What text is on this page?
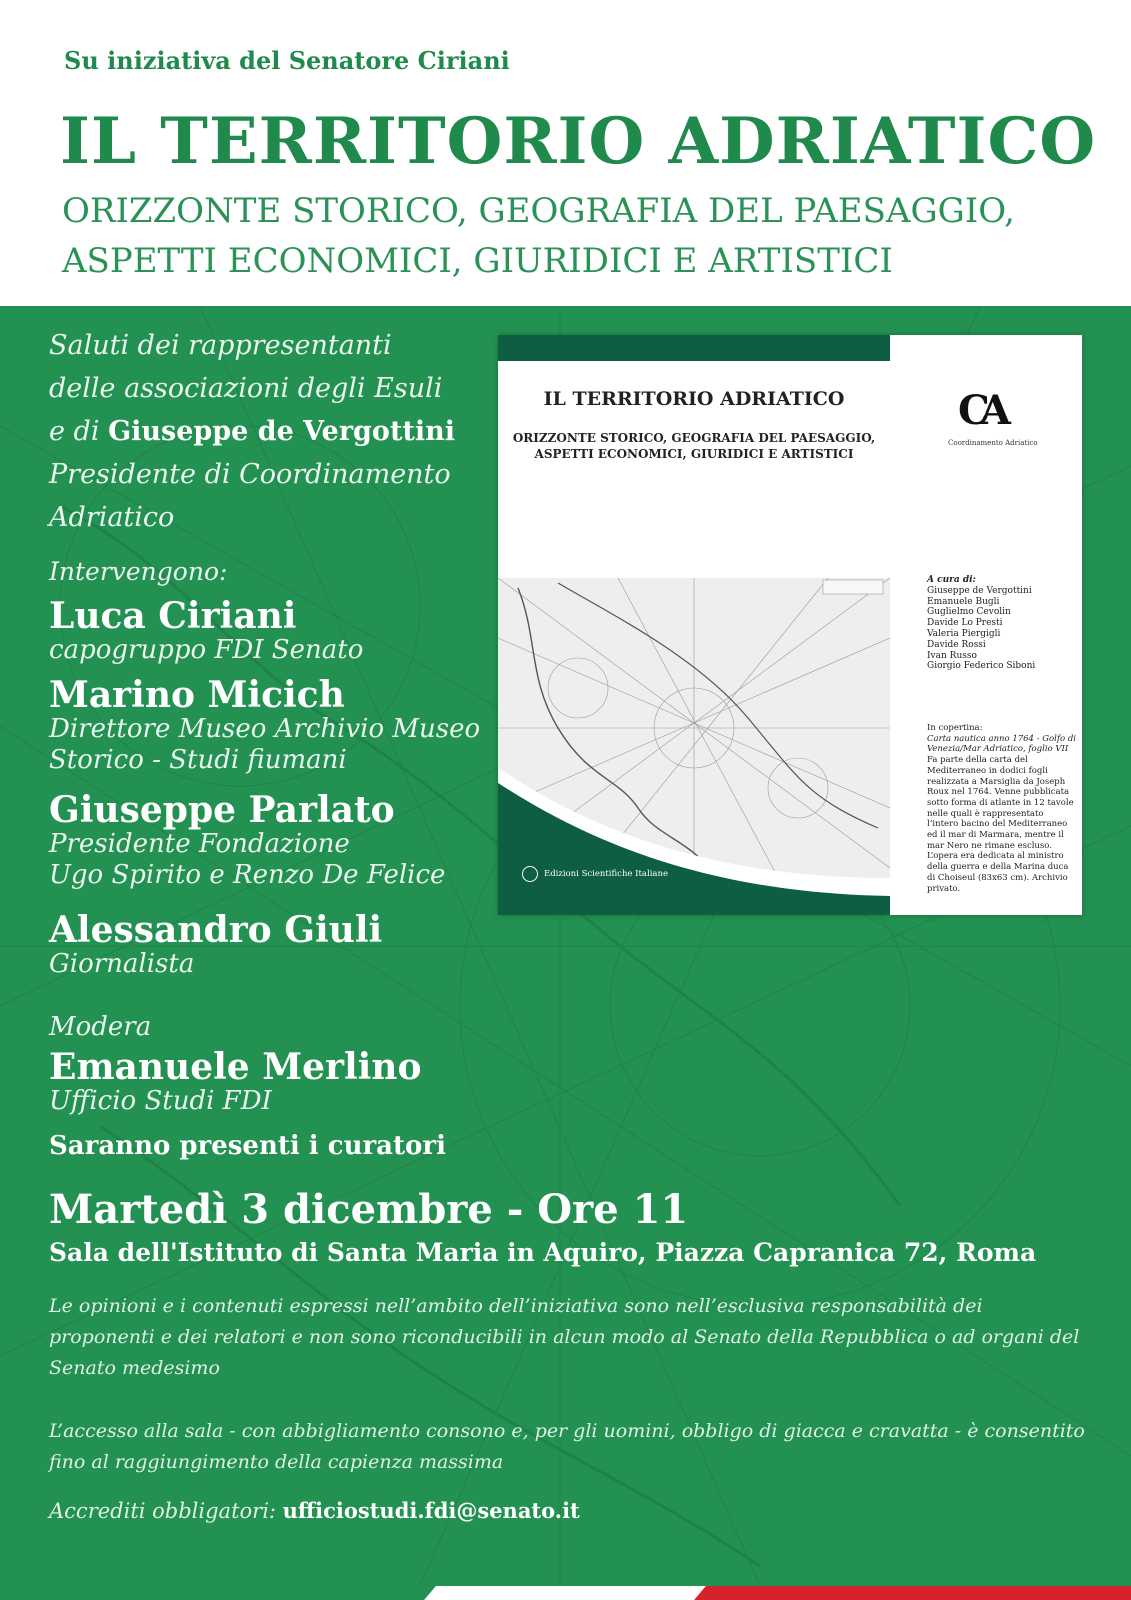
Su iniziativa del Senatore Ciriani
IL TERRITORIO ADRIATICO
ORIZZONTE STORICO, GEOGRAFIA DEL PAESAGGIO,
ASPETTI ECONOMICI, GIURIDICI E ARTISTICI
Saluti dei rappresentanti
delle associazioni degli Esuli
e di Giuseppe de Vergottini
Presidente di Coordinamento
Adriatico
Intervengono:
Luca Ciriani
capogruppo FDI Senato
Marino Micich
Direttore Museo Archivio Museo
Storico - Studi fiumani
Giuseppe Parlato
Presidente Fondazione
Ugo Spirito e Renzo De Felice
Alessandro Giuli
Giornalista
Modera
Emanuele Merlino
Ufficio Studi FDI
Saranno presenti i curatori
Martedì 3 dicembre - Ore 11
Sala dell'Istituto di Santa Maria in Aquiro, Piazza Capranica 72, Roma
Le opinioni e i contenuti espressi nell’ambito dell’iniziativa sono nell’esclusiva responsabilità dei proponenti e dei relatori e non sono riconducibili in alcun modo al Senato della Repubblica o ad organi del Senato medesimo
L’accesso alla sala - con abbigliamento consono e, per gli uomini, obbligo di giacca e cravatta - è consentito fino al raggiungimento della capienza massima
Accrediti obbligatori: ufficiostudi.fdi@senato.it
IL TERRITORIO ADRIATICO
ORIZZONTE STORICO, GEOGRAFIA DEL PAESAGGIO,
ASPETTI ECONOMICI, GIURIDICI E ARTISTICI
Edizioni Scientifiche Italiane
CA
Coordinamento Adriatico
A cura di:
Giuseppe de Vergottini
Emanuele Bugli
Guglielmo Cevolin
Davide Lo Presti
Valeria Piergigli
Davide Rossi
Ivan Russo
Giorgio Federico Siboni
In copertina:
Carta nautica anno 1764 - Golfo di Venezia/Mar Adriatico, foglio VII
Fa parte della carta del Mediterraneo in dodici fogli realizzata a Marsiglia da Joseph Roux nel 1764. Venne pubblicata sotto forma di atlante in 12 tavole nelle quali è rappresentato l’intero bacino del Mediterraneo ed il mar di Marmara, mentre il mar Nero ne rimane escluso. L’opera era dedicata al ministro della guerra e della Marina duca di Choiseul (83x63 cm). Archivio privato.
